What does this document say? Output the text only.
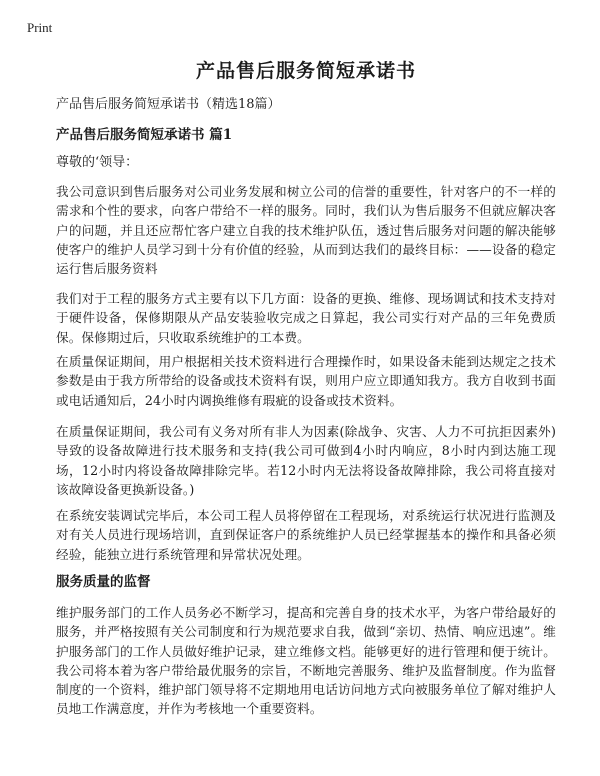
Print
产品售后服务简短承诺书
产品售后服务简短承诺书（精选18篇）
产品售后服务简短承诺书 篇1
尊敬的‘领导：
我公司意识到售后服务对公司业务发展和树立公司的信誉的重要性，针对客户的不一样的需求和个性的要求，向客户带给不一样的服务。同时，我们认为售后服务不但就应解决客户的问题，并且还应帮忙客户建立自我的技术维护队伍，透过售后服务对问题的解决能够使客户的维护人员学习到十分有价值的经验，从而到达我们的最终目标：——设备的稳定运行售后服务资料
我们对于工程的服务方式主要有以下几方面：设备的更换、维修、现场调试和技术支持对于硬件设备，保修期限从产品安装验收完成之日算起，我公司实行对产品的三年免费质保。保修期过后，只收取系统维护的工本费。
在质量保证期间，用户根据相关技术资料进行合理操作时，如果设备未能到达规定之技术参数是由于我方所带给的设备或技术资料有误，则用户应立即通知我方。我方自收到书面或电话通知后，24小时内调换维修有瑕疵的设备或技术资料。
在质量保证期间，我公司有义务对所有非人为因素(除战争、灾害、人力不可抗拒因素外)导致的设备故障进行技术服务和支持(我公司可做到4小时内响应，8小时内到达施工现场，12小时内将设备故障排除完毕。若12小时内无法将设备故障排除，我公司将直接对该故障设备更换新设备。)
在系统安装调试完毕后，本公司工程人员将停留在工程现场，对系统运行状况进行监测及对有关人员进行现场培训，直到保证客户的系统维护人员已经掌握基本的操作和具备必须经验，能独立进行系统管理和异常状况处理。
服务质量的监督
维护服务部门的工作人员务必不断学习，提高和完善自身的技术水平，为客户带给最好的服务，并严格按照有关公司制度和行为规范要求自我，做到“亲切、热情、响应迅速”。维护服务部门的工作人员做好维护记录，建立维修文档。能够更好的进行管理和便于统计。我公司将本着为客户带给最优服务的宗旨，不断地完善服务、维护及监督制度。作为监督制度的一个资料，维护部门领导将不定期地用电话访问地方式向被服务单位了解对维护人员地工作满意度，并作为考核地一个重要资料。
